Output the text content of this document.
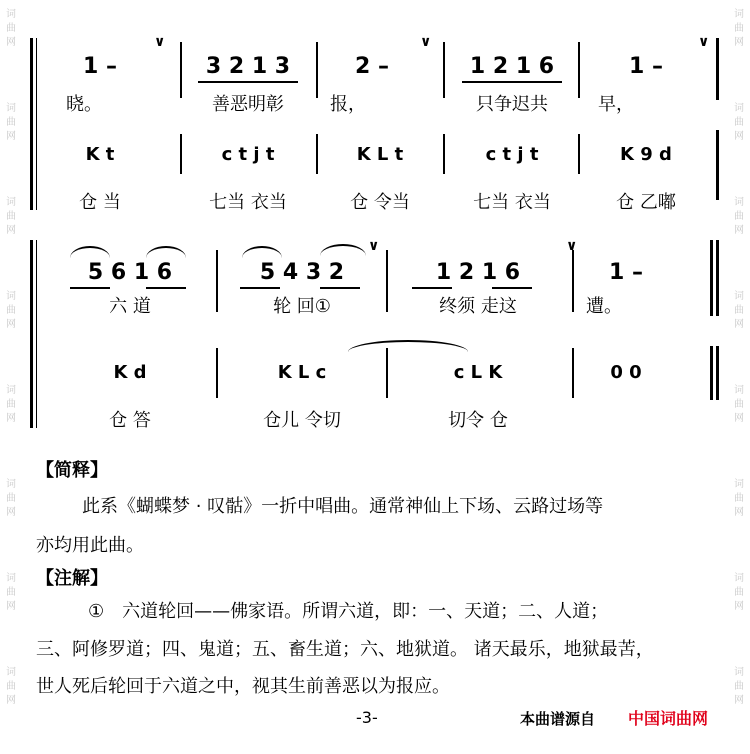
词曲网
词曲网
词曲网
词曲网
词曲网
词曲网
词曲网
词曲网
词曲网
词曲网
词曲网
词曲网
词曲网
词曲网
词曲网
词曲网
∨	∨	∨
1 –	3 2 1 3	2 –	1 2 1 6	1 –
晓。	善恶明彰	报，	只争迟共	早，
K t	c t j t	K L t	c t j t	K 9 d
仓 当	七当 衣当	仓 令当	七当 衣当	仓 乙嘟
∨	∨
5 6 1 6	5 4 3 2	1 2 1 6	1 –
六 道	轮 回①	终须 走这	遭。
K d	K L c	c L K	0 0
仓 答	仓儿 令切	切令 仓
【简释】
此系《蝴蝶梦 · 叹骷》一折中唱曲。通常神仙上下场、云路过场等
亦均用此曲。
【注解】
①　六道轮回——佛家语。所谓六道，即：一、天道；二、人道；
三、阿修罗道；四、鬼道；五、畜生道；六、地狱道。 诸天最乐，地狱最苦，
世人死后轮回于六道之中，视其生前善恶以为报应。
-3-	本曲谱源自 中国词曲网
